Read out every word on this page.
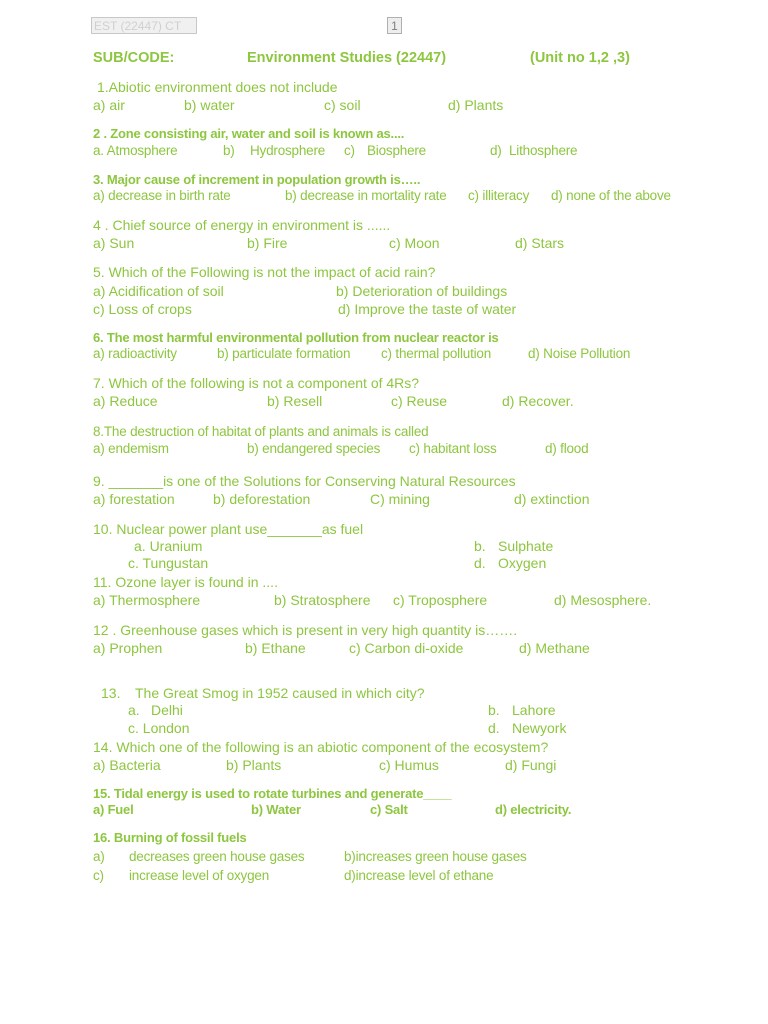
EST (22447) CT	1
SUB/CODE:	Environment Studies (22447)	(Unit no 1,2 ,3)
1.Abiotic environment does not include
a) air	b) water	c) soil	d) Plants
2 . Zone consisting air, water and soil is known as....
a. Atmosphere	b) Hydrosphere c) Biosphere	d) Lithosphere
3. Major cause of increment in population growth is…..
a) decrease in birth rate	b) decrease in mortality rate c) illiteracy d) none of the above
4 . Chief source of energy in environment is ......
a) Sun	b) Fire	c) Moon	d) Stars
5. Which of the Following is not the impact of acid rain?
a) Acidification of soil	b) Deterioration of buildings
c) Loss of crops	d) Improve the taste of water
6. The most harmful environmental pollution from nuclear reactor is
a) radioactivity	b) particulate formation c) thermal pollution	d) Noise Pollution
7. Which of the following is not a component of 4Rs?
a) Reduce	b) Resell	c) Reuse	d) Recover.
8.The destruction of habitat of plants and animals is called
a) endemism	b) endangered species c) habitant loss	d) flood
9. _______is one of the Solutions for Conserving Natural Resources
a) forestation	b) deforestation	C) mining	d) extinction
10. Nuclear power plant use_______as fuel
a. Uranium	b. Sulphate
c. Tungustan	d. Oxygen
11. Ozone layer is found in ....
a) Thermosphere	b) Stratosphere c) Troposphere	d) Mesosphere.
12 . Greenhouse gases which is present in very high quantity is…….
a) Prophen	b) Ethane	c) Carbon di-oxide	d) Methane
13. The Great Smog in 1952 caused in which city?
a. Delhi	b. Lahore
c. London	d. Newyork
14. Which one of the following is an abiotic component of the ecosystem?
a) Bacteria	b) Plants	c) Humus	d) Fungi
15. Tidal energy is used to rotate turbines and generate____
a) Fuel	b) Water	c) Salt	d) electricity.
16. Burning of fossil fuels
a) decreases green house gases	b)increases green house gases
c) increase level of oxygen	d)increase level of ethane
